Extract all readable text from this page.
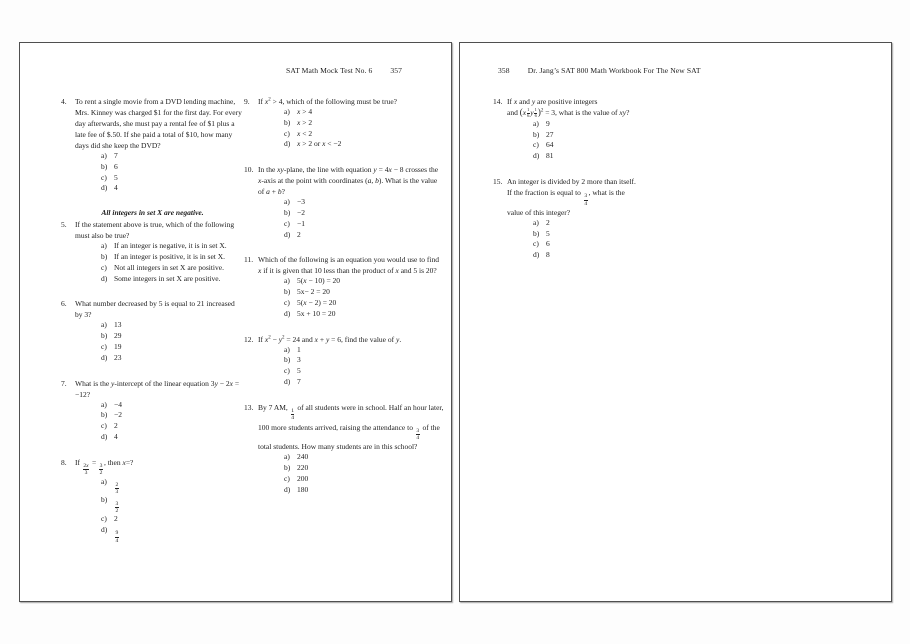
SAT Math Mock Test No. 6 357
4.	To rent a single movie from a DVD lending machine, Mrs. Kinney was charged $1 for the first day. For every day afterwards, she must pay a rental fee of $1 plus a late fee of $.50. If she paid a total of $10, how many days did she keep the DVD?
a) 7
b) 6
c) 5
d) 4
All integers in set X are negative.
5.	If the statement above is true, which of the following must also be true?
a) If an integer is negative, it is in set X.
b) If an integer is positive, it is in set X.
c) Not all integers in set X are positive.
d) Some integers in set X are positive.
6.	What number decreased by 5 is equal to 21 increased by 3?
a) 13
b) 29
c) 19
d) 23
7.	What is the y-intercept of the linear equation 3y − 2x = −12?
a) −4
b) −2
c) 2
d) 4
8.	If
$\frac{2x}{3}$
=
$\frac{3}{2}$
, then x=?
a)
$\frac{2}{3}$
b)
$\frac{3}{2}$
c) 2
d)
$\frac{9}{4}$
9.	If $x^2 > 4$, which of the following must be true?
a) x > 4
b) x > 2
c) x < 2
d) x > 2 or x < −2
10. In the xy-plane, the line with equation y = 4x − 8 crosses the x-axis at the point with coordinates (a, b). What is the value of a + b?
a) −3
b) −2
c) −1
d) 2
11. Which of the following is an equation you would use to find x if it is given that 10 less than the product of x and 5 is 20?
a) 5(x − 10) = 20
b) 5x− 2 = 20
c) 5(x − 2) = 20
d) 5x + 10 = 20
12. If $x^2 - y^2 = 24$ and x + y = 6, find the value of y.
a) 1
b) 3
c) 5
d) 7
13. By 7 AM,
$\frac{1}{4}$
of all students were in school. Half an hour later, 100 more students arrived, raising the attendance to
$\frac{3}{4}$
of the total students. How many students are in this school?
a) 240
b) 220
c) 200
d) 180
358 Dr. Jang’s SAT 800 Math Workbook For The New SAT
14. If x and y are positive integers
and (x $^{\frac{1}{6}}$ y $^{\frac{1}{6}}$ )$^2$ = 3, what is the value of xy?
a) 9
b) 27
c) 64
d) 81
15. An integer is divided by 2 more than itself.
If the fraction is equal to
$\frac{3}{4}$
, what is the
value of this integer?
a) 2
b) 5
c) 6
d) 8
